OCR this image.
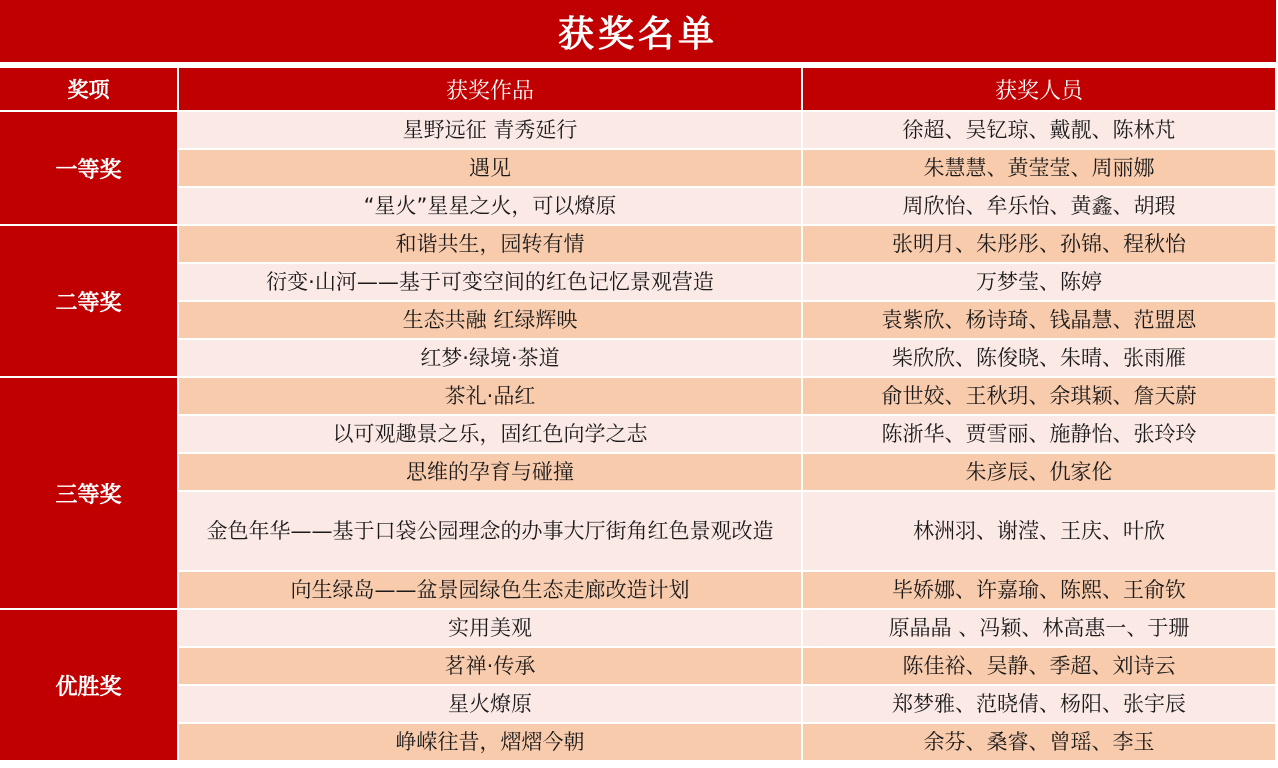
获奖名单
奖项	获奖作品	获奖人员
一等奖	星野远征 青秀延行	徐超、吴钇琼、戴靓、陈林芃
	遇见	朱慧慧、黄莹莹、周丽娜
	“星火”星星之火，可以燎原	周欣怡、牟乐怡、黄鑫、胡瑕
二等奖	和谐共生，园转有情	张明月、朱彤彤、孙锦、程秋怡
	衍变·山河——基于可变空间的红色记忆景观营造	万梦莹、陈婷
	生态共融 红绿辉映	袁紫欣、杨诗琦、钱晶慧、范盟恩
	红梦·绿境·茶道	柴欣欣、陈俊晓、朱晴、张雨雁
三等奖	茶礼·品红	俞世姣、王秋玥、余琪颖、詹天蔚
	以可观趣景之乐，固红色向学之志	陈浙华、贾雪丽、施静怡、张玲玲
	思维的孕育与碰撞	朱彦辰、仇家伦
	金色年华——基于口袋公园理念的办事大厅街角红色景观改造	林洲羽、谢滢、王庆、叶欣
	向生绿岛——盆景园绿色生态走廊改造计划	毕娇娜、许嘉瑜、陈熙、王俞钦
优胜奖	实用美观	原晶晶 、冯颖、林高惠一、于珊
	茗禅·传承	陈佳裕、吴静、季超、刘诗云
	星火燎原	郑梦雅、范晓倩、杨阳、张宇辰
	峥嵘往昔，熠熠今朝	余芬、桑睿、曾瑶、李玉
